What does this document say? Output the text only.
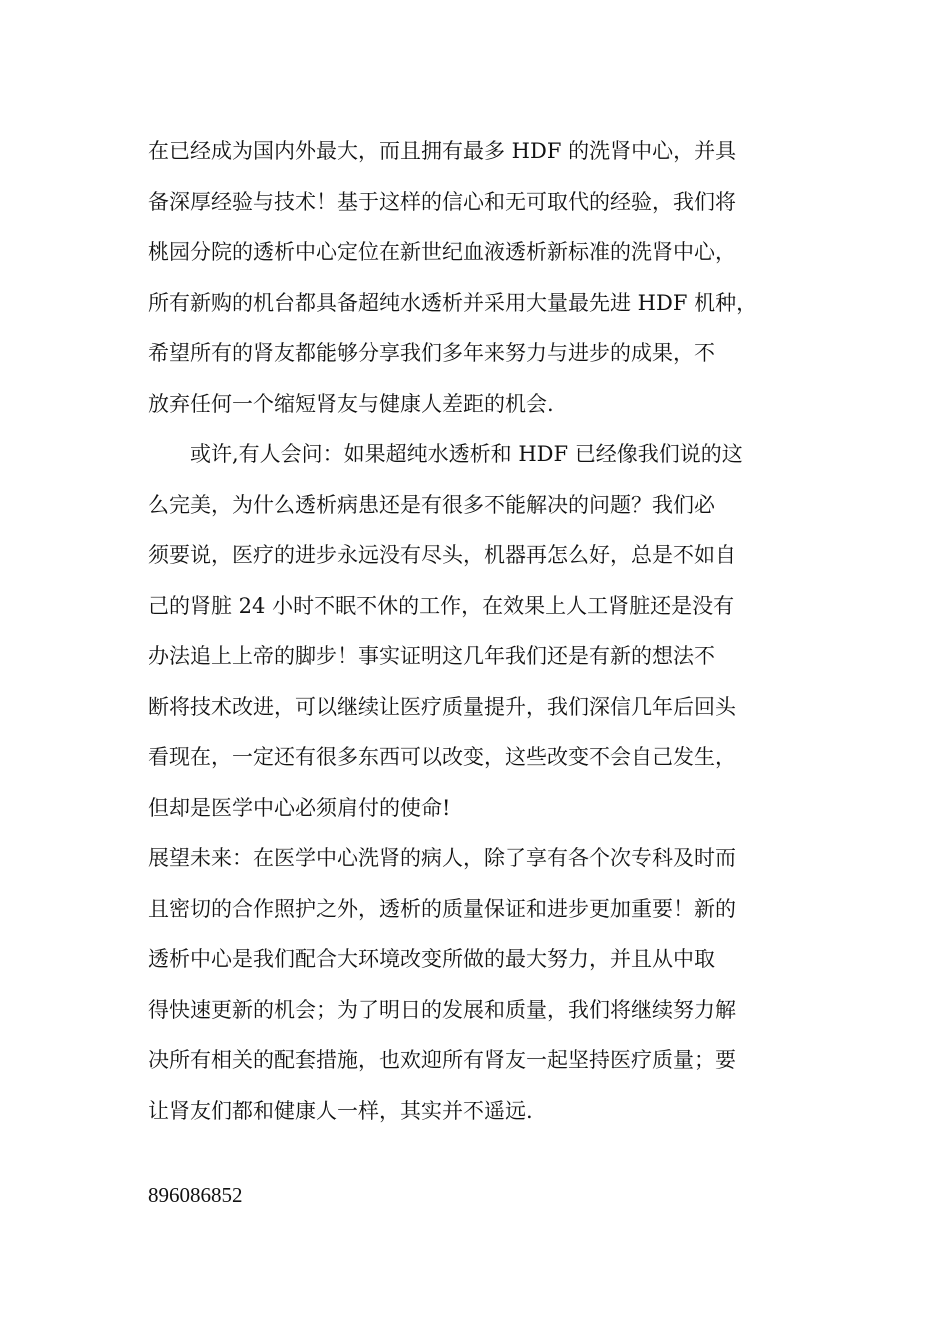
在已经成为国内外最大，而且拥有最多 HDF 的洗肾中心，并具
备深厚经验与技术！基于这样的信心和无可取代的经验，我们将
桃园分院的透析中心定位在新世纪血液透析新标准的洗肾中心，
所有新购的机台都具备超纯水透析并采用大量最先进 HDF 机种，
希望所有的肾友都能够分享我们多年来努力与进步的成果，不
放弃任何一个缩短肾友与健康人差距的机会.
或许,有人会问：如果超纯水透析和 HDF 已经像我们说的这
么完美，为什么透析病患还是有很多不能解决的问题？我们必
须要说，医疗的进步永远没有尽头，机器再怎么好，总是不如自
己的肾脏 24 小时不眠不休的工作，在效果上人工肾脏还是没有
办法追上上帝的脚步！事实证明这几年我们还是有新的想法不
断将技术改进，可以继续让医疗质量提升，我们深信几年后回头
看现在，一定还有很多东西可以改变，这些改变不会自己发生，
但却是医学中心必须肩付的使命!
展望未来：在医学中心洗肾的病人，除了享有各个次专科及时而
且密切的合作照护之外，透析的质量保证和进步更加重要！新的
透析中心是我们配合大环境改变所做的最大努力，并且从中取
得快速更新的机会；为了明日的发展和质量，我们将继续努力解
决所有相关的配套措施，也欢迎所有肾友一起坚持医疗质量；要
让肾友们都和健康人一样，其实并不遥远.
896086852
